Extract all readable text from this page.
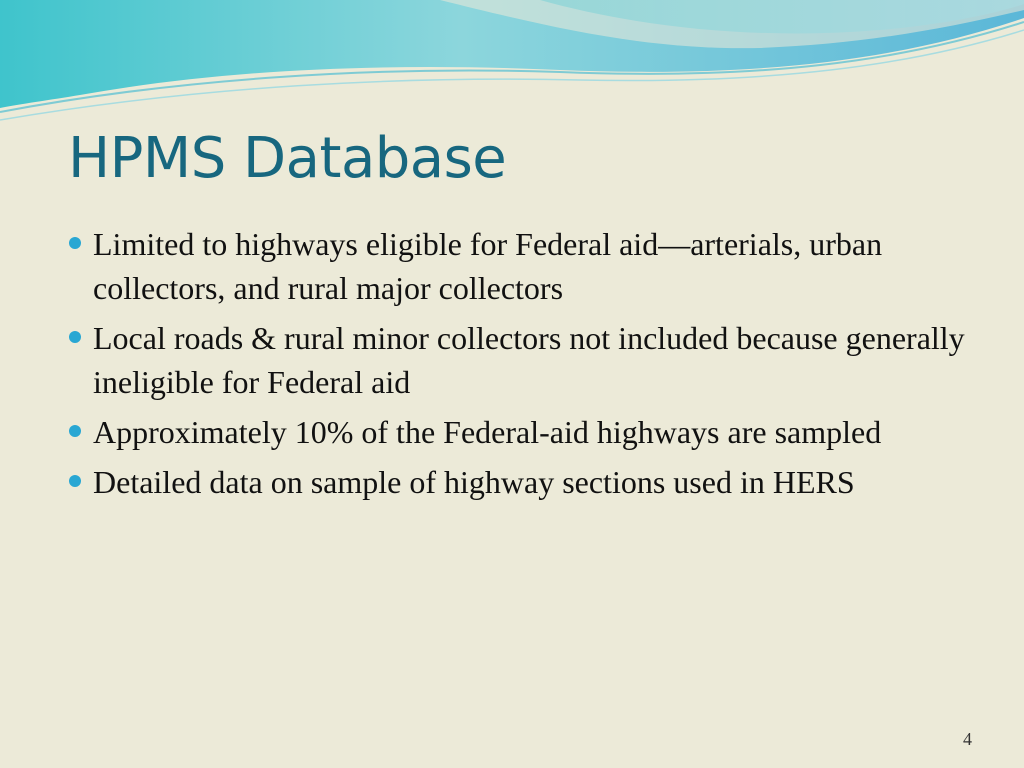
HPMS Database
Limited to highways eligible for Federal aid—arterials, urban collectors, and rural major collectors
Local roads & rural minor collectors not included because generally ineligible for Federal aid
Approximately 10% of the Federal-aid highways are sampled
Detailed data on sample of highway sections used in HERS
4
